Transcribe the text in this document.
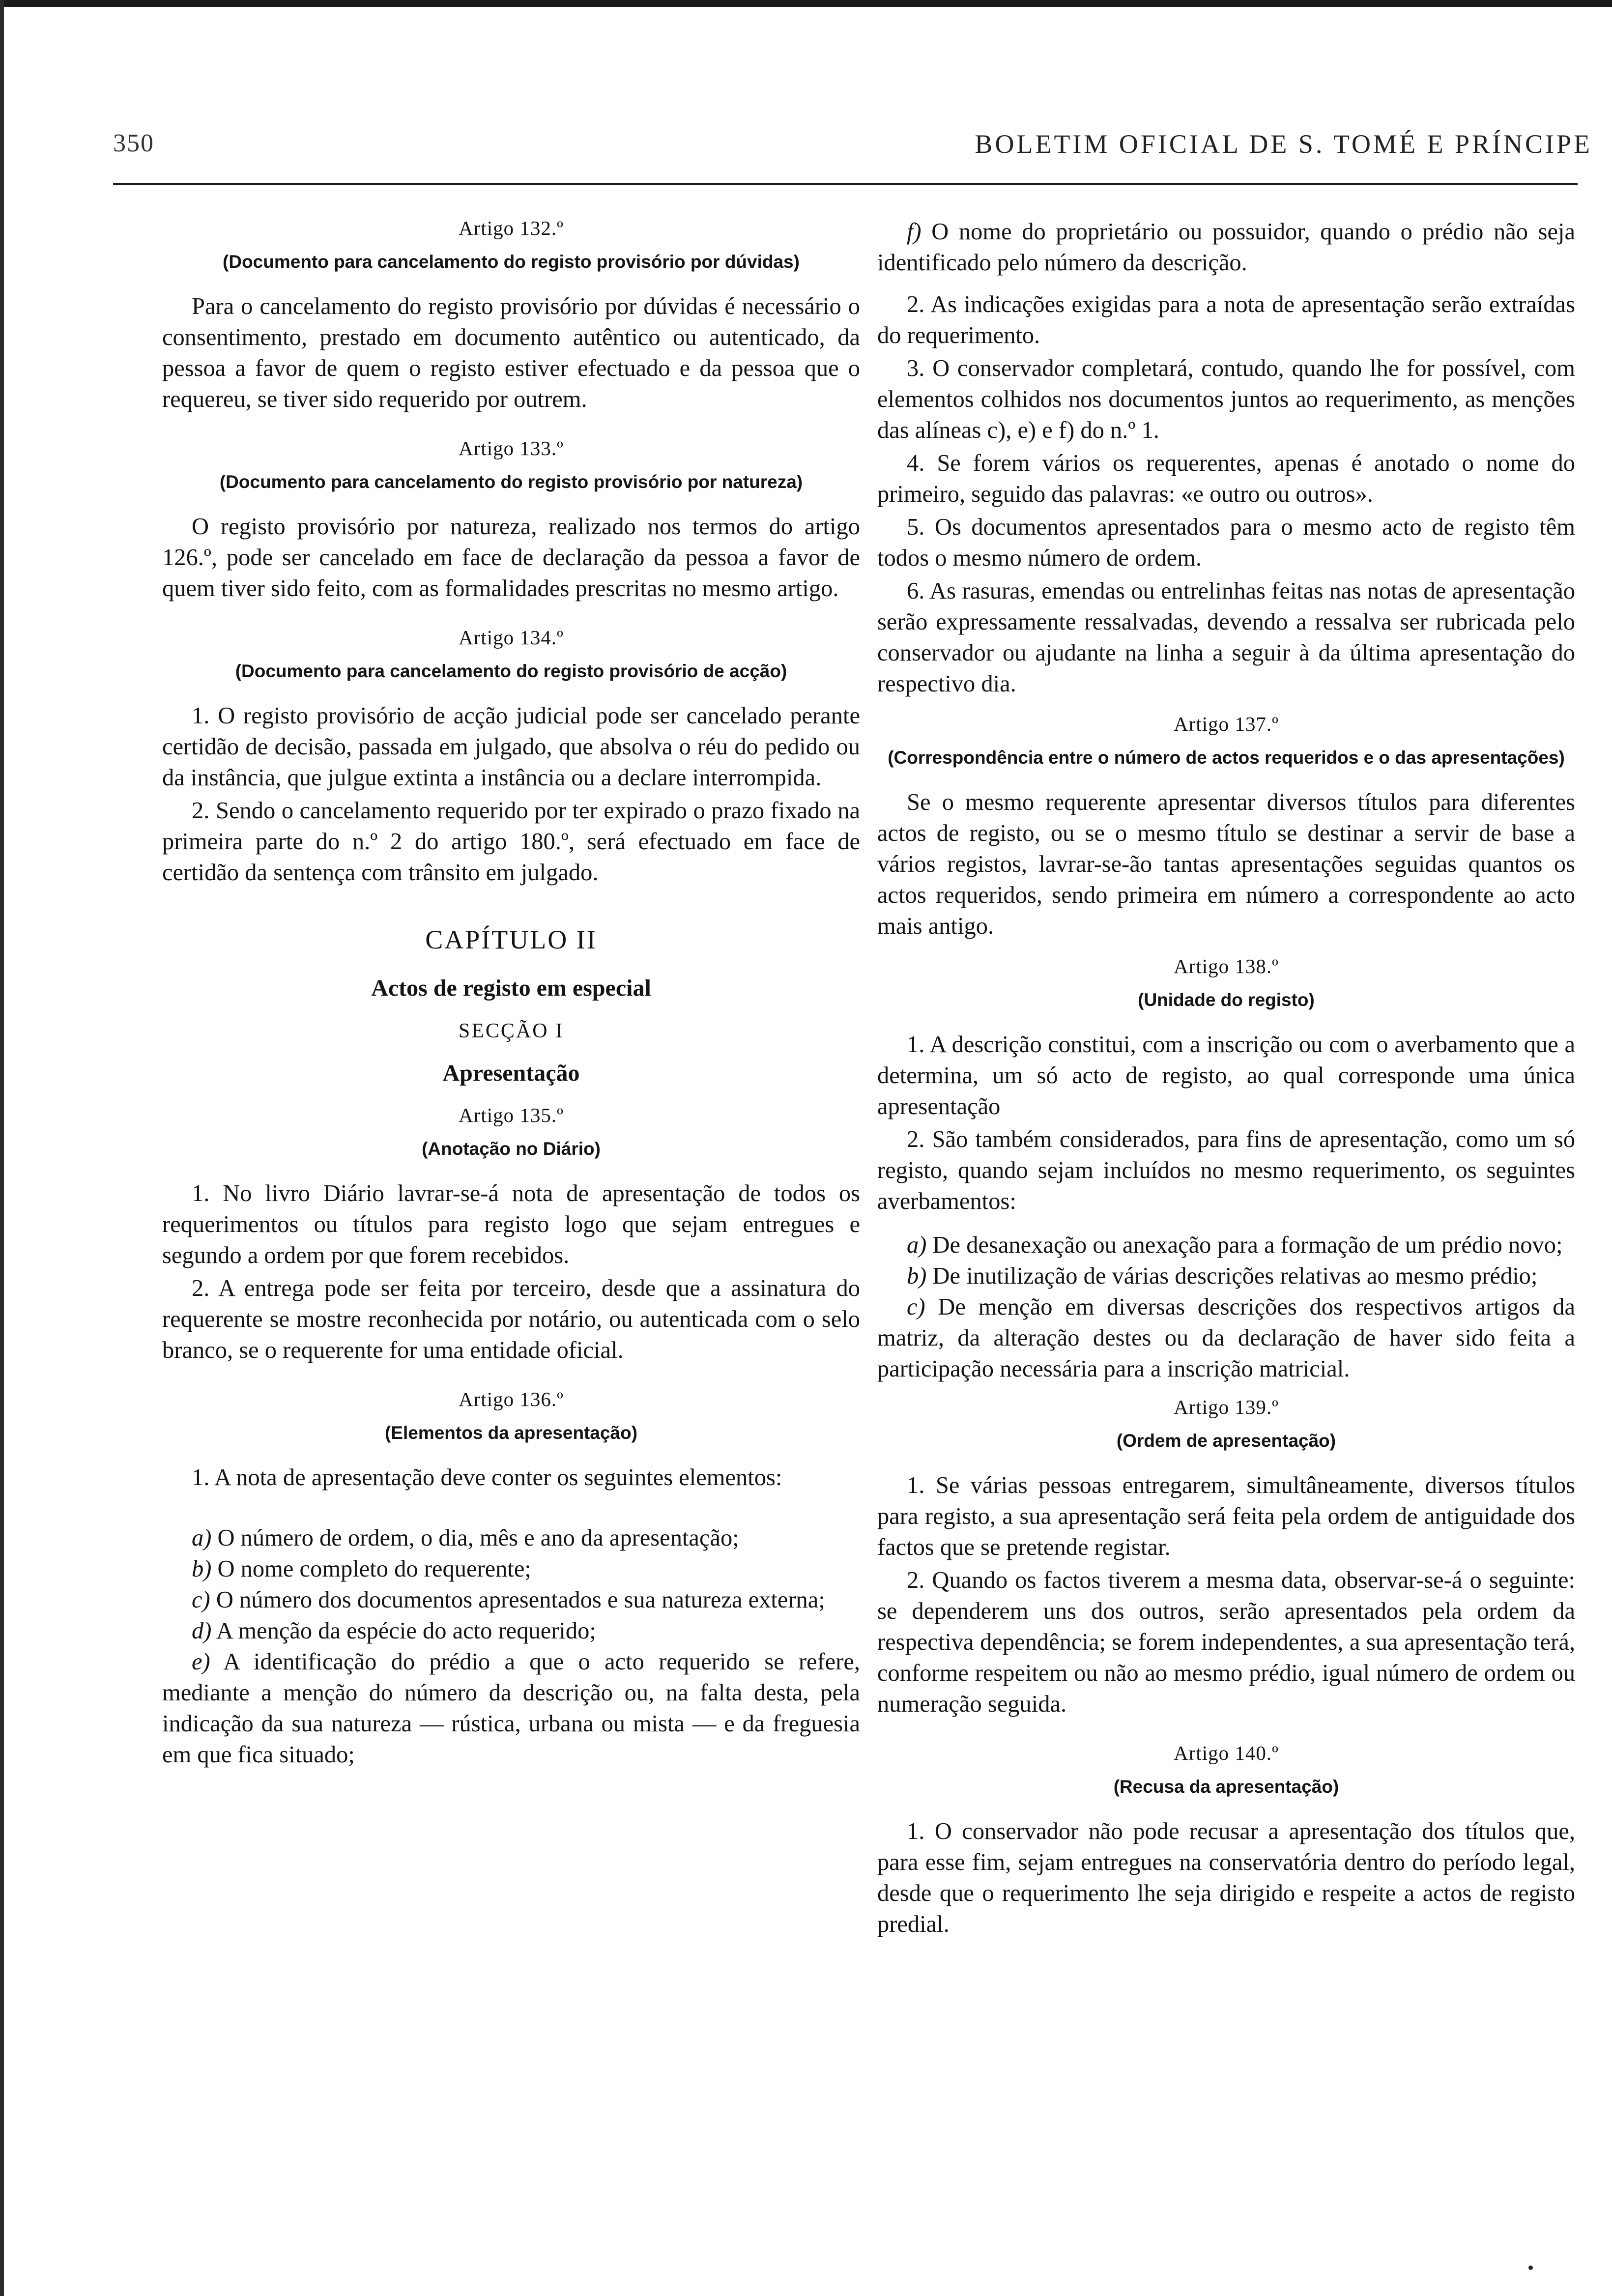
350	BOLETIM OFICIAL DE S. TOMÉ E PRÍNCIPE
Artigo 132.º
(Documento para cancelamento do registo provisório por dúvidas)

Para o cancelamento do registo provisório por dúvidas é necessário o consentimento, prestado em documento autêntico ou autenticado, da pessoa a favor de quem o registo estiver efectuado e da pessoa que o requereu, se tiver sido requerido por outrem.

Artigo 133.º
(Documento para cancelamento do registo provisório por natureza)

O registo provisório por natureza, realizado nos termos do artigo 126.º, pode ser cancelado em face de declaração da pessoa a favor de quem tiver sido feito, com as formalidades prescritas no mesmo artigo.

Artigo 134.º
(Documento para cancelamento do registo provisório de acção)

1. O registo provisório de acção judicial pode ser cancelado perante certidão de decisão, passada em julgado, que absolva o réu do pedido ou da instância, que julgue extinta a instância ou a declare interrompida.

2. Sendo o cancelamento requerido por ter expirado o prazo fixado na primeira parte do n.º 2 do artigo 180.º, será efectuado em face de certidão da sentença com trânsito em julgado.

CAPÍTULO II
Actos de registo em especial
SECÇÃO I
Apresentação
Artigo 135.º
(Anotação no Diário)

1. No livro Diário lavrar-se-á nota de apresentação de todos os requerimentos ou títulos para registo logo que sejam entregues e segundo a ordem por que forem recebidos.

2. A entrega pode ser feita por terceiro, desde que a assinatura do requerente se mostre reconhecida por notário, ou autenticada com o selo branco, se o requerente for uma entidade oficial.

Artigo 136.º
(Elementos da apresentação)

1. A nota de apresentação deve conter os seguintes elementos:

a) O número de ordem, o dia, mês e ano da apresentação;

b) O nome completo do requerente;

c) O número dos documentos apresentados e sua natureza externa;

d) A menção da espécie do acto requerido;

e) A identificação do prédio a que o acto requerido se refere, mediante a menção do número da descrição ou, na falta desta, pela indicação da sua natureza — rústica, urbana ou mista — e da freguesia em que fica situado;

f) O nome do proprietário ou possuidor, quando o prédio não seja identificado pelo número da descrição.

2. As indicações exigidas para a nota de apresentação serão extraídas do requerimento.

3. O conservador completará, contudo, quando lhe for possível, com elementos colhidos nos documentos juntos ao requerimento, as menções das alíneas c), e) e f) do n.º 1.

4. Se forem vários os requerentes, apenas é anotado o nome do primeiro, seguido das palavras: «e outro ou outros».

5. Os documentos apresentados para o mesmo acto de registo têm todos o mesmo número de ordem.

6. As rasuras, emendas ou entrelinhas feitas nas notas de apresentação serão expressamente ressalvadas, devendo a ressalva ser rubricada pelo conservador ou ajudante na linha a seguir à da última apresentação do respectivo dia.

Artigo 137.º
(Correspondência entre o número de actos requeridos e o das apresentações)

Se o mesmo requerente apresentar diversos títulos para diferentes actos de registo, ou se o mesmo título se destinar a servir de base a vários registos, lavrar-se-ão tantas apresentações seguidas quantos os actos requeridos, sendo primeira em número a correspondente ao acto mais antigo.

Artigo 138.º
(Unidade do registo)

1. A descrição constitui, com a inscrição ou com o averbamento que a determina, um só acto de registo, ao qual corresponde uma única apresentação

2. São também considerados, para fins de apresentação, como um só registo, quando sejam incluídos no mesmo requerimento, os seguintes averbamentos:

a) De desanexação ou anexação para a formação de um prédio novo;

b) De inutilização de várias descrições relativas ao mesmo prédio;

c) De menção em diversas descrições dos respectivos artigos da matriz, da alteração destes ou da declaração de haver sido feita a participação necessária para a inscrição matricial.

Artigo 139.º
(Ordem de apresentação)

1. Se várias pessoas entregarem, simultâneamente, diversos títulos para registo, a sua apresentação será feita pela ordem de antiguidade dos factos que se pretende registar.

2. Quando os factos tiverem a mesma data, observar-se-á o seguinte: se dependerem uns dos outros, serão apresentados pela ordem da respectiva dependência; se forem independentes, a sua apresentação terá, conforme respeitem ou não ao mesmo prédio, igual número de ordem ou numeração seguida.

Artigo 140.º
(Recusa da apresentação)

1. O conservador não pode recusar a apresentação dos títulos que, para esse fim, sejam entregues na conservatória dentro do período legal, desde que o requerimento lhe seja dirigido e respeite a actos de registo predial.
